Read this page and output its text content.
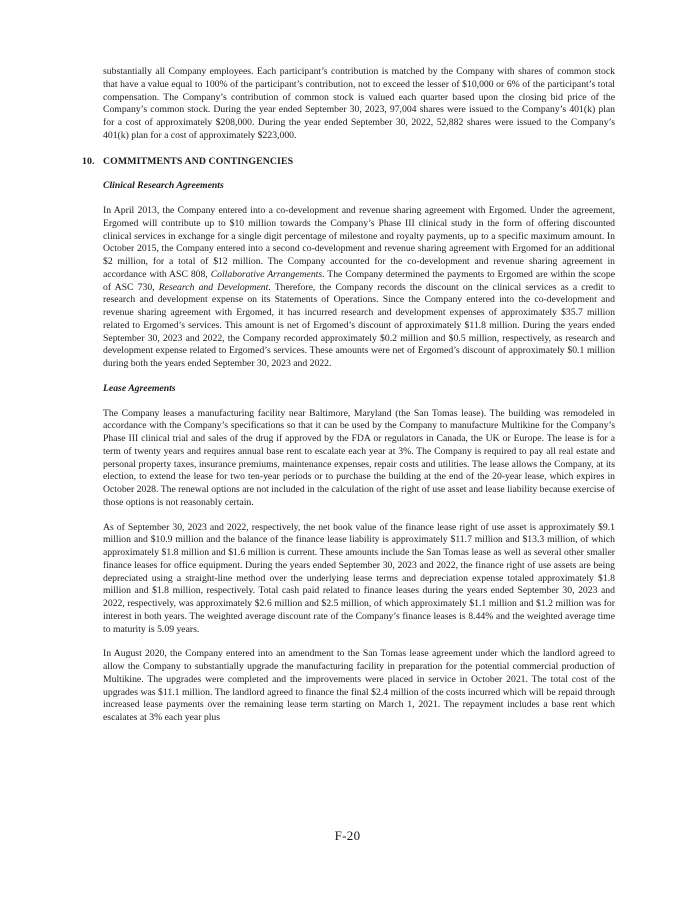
substantially all Company employees. Each participant’s contribution is matched by the Company with shares of common stock that have a value equal to 100% of the participant’s contribution, not to exceed the lesser of $10,000 or 6% of the participant’s total compensation. The Company’s contribution of common stock is valued each quarter based upon the closing bid price of the Company’s common stock. During the year ended September 30, 2023, 97,004 shares were issued to the Company’s 401(k) plan for a cost of approximately $208,000. During the year ended September 30, 2022, 52,882 shares were issued to the Company’s 401(k) plan for a cost of approximately $223,000.

10. COMMITMENTS AND CONTINGENCIES
Clinical Research Agreements

In April 2013, the Company entered into a co-development and revenue sharing agreement with Ergomed. Under the agreement, Ergomed will contribute up to $10 million towards the Company’s Phase III clinical study in the form of offering discounted clinical services in exchange for a single digit percentage of milestone and royalty payments, up to a specific maximum amount. In October 2015, the Company entered into a second co-development and revenue sharing agreement with Ergomed for an additional $2 million, for a total of $12 million. The Company accounted for the co-development and revenue sharing agreement in accordance with ASC 808, Collaborative Arrangements. The Company determined the payments to Ergomed are within the scope of ASC 730, Research and Development. Therefore, the Company records the discount on the clinical services as a credit to research and development expense on its Statements of Operations. Since the Company entered into the co-development and revenue sharing agreement with Ergomed, it has incurred research and development expenses of approximately $35.7 million related to Ergomed’s services. This amount is net of Ergomed’s discount of approximately $11.8 million. During the years ended September 30, 2023 and 2022, the Company recorded approximately $0.2 million and $0.5 million, respectively, as research and development expense related to Ergomed’s services. These amounts were net of Ergomed’s discount of approximately $0.1 million during both the years ended September 30, 2023 and 2022.

Lease Agreements

The Company leases a manufacturing facility near Baltimore, Maryland (the San Tomas lease). The building was remodeled in accordance with the Company’s specifications so that it can be used by the Company to manufacture Multikine for the Company’s Phase III clinical trial and sales of the drug if approved by the FDA or regulators in Canada, the UK or Europe. The lease is for a term of twenty years and requires annual base rent to escalate each year at 3%. The Company is required to pay all real estate and personal property taxes, insurance premiums, maintenance expenses, repair costs and utilities. The lease allows the Company, at its election, to extend the lease for two ten-year periods or to purchase the building at the end of the 20-year lease, which expires in October 2028. The renewal options are not included in the calculation of the right of use asset and lease liability because exercise of those options is not reasonably certain.

As of September 30, 2023 and 2022, respectively, the net book value of the finance lease right of use asset is approximately $9.1 million and $10.9 million and the balance of the finance lease liability is approximately $11.7 million and $13.3 million, of which approximately $1.8 million and $1.6 million is current. These amounts include the San Tomas lease as well as several other smaller finance leases for office equipment. During the years ended September 30, 2023 and 2022, the finance right of use assets are being depreciated using a straight-line method over the underlying lease terms and depreciation expense totaled approximately $1.8 million and $1.8 million, respectively. Total cash paid related to finance leases during the years ended September 30, 2023 and 2022, respectively, was approximately $2.6 million and $2.5 million, of which approximately $1.1 million and $1.2 million was for interest in both years. The weighted average discount rate of the Company’s finance leases is 8.44% and the weighted average time to maturity is 5.09 years.

In August 2020, the Company entered into an amendment to the San Tomas lease agreement under which the landlord agreed to allow the Company to substantially upgrade the manufacturing facility in preparation for the potential commercial production of Multikine. The upgrades were completed and the improvements were placed in service in October 2021. The total cost of the upgrades was $11.1 million. The landlord agreed to finance the final $2.4 million of the costs incurred which will be repaid through increased lease payments over the remaining lease term starting on March 1, 2021. The repayment includes a base rent which escalates at 3% each year plus

F-20
